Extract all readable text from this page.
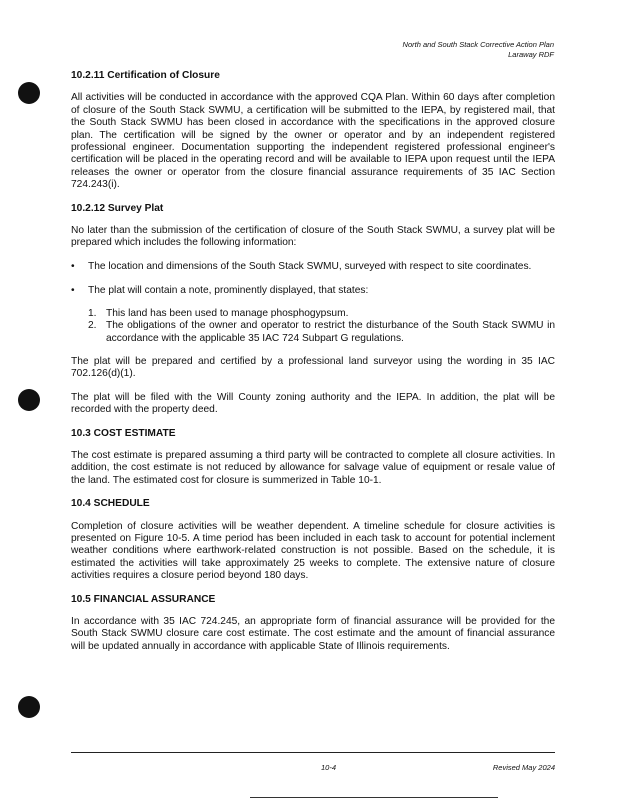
North and South Stack Corrective Action Plan
Laraway RDF
10.2.11 Certification of Closure

All activities will be conducted in accordance with the approved CQA Plan. Within 60 days after completion of closure of the South Stack SWMU, a certification will be submitted to the IEPA, by registered mail, that the South Stack SWMU has been closed in accordance with the specifications in the approved closure plan. The certification will be signed by the owner or operator and by an independent registered professional engineer. Documentation supporting the independent registered professional engineer's certification will be placed in the operating record and will be available to IEPA upon request until the IEPA releases the owner or operator from the closure financial assurance requirements of 35 IAC Section 724.243(i).

10.2.12 Survey Plat

No later than the submission of the certification of closure of the South Stack SWMU, a survey plat will be prepared which includes the following information:

• The location and dimensions of the South Stack SWMU, surveyed with respect to site coordinates.
• The plat will contain a note, prominently displayed, that states:
1. This land has been used to manage phosphogypsum.
2. The obligations of the owner and operator to restrict the disturbance of the South Stack SWMU in accordance with the applicable 35 IAC 724 Subpart G regulations.

The plat will be prepared and certified by a professional land surveyor using the wording in 35 IAC 702.126(d)(1).

The plat will be filed with the Will County zoning authority and the IEPA. In addition, the plat will be recorded with the property deed.

10.3 COST ESTIMATE

The cost estimate is prepared assuming a third party will be contracted to complete all closure activities. In addition, the cost estimate is not reduced by allowance for salvage value of equipment or resale value of the land. The estimated cost for closure is summerized in Table 10-1.

10.4 SCHEDULE

Completion of closure activities will be weather dependent. A timeline schedule for closure activities is presented on Figure 10-5. A time period has been included in each task to account for potential inclement weather conditions where earthwork-related construction is not possible. Based on the schedule, it is estimated the activities will take approximately 25 weeks to complete. The extensive nature of closure activities requires a closure period beyond 180 days.

10.5 FINANCIAL ASSURANCE

In accordance with 35 IAC 724.245, an appropriate form of financial assurance will be provided for the South Stack SWMU closure care cost estimate. The cost estimate and the amount of financial assurance will be updated annually in accordance with applicable State of Illinois requirements.

10-4	Revised May 2024
